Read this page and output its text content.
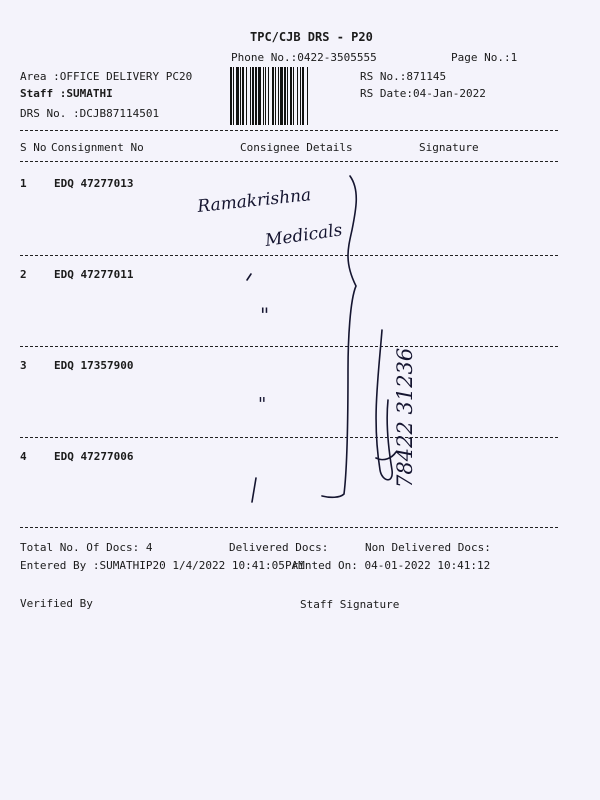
TPC/CJB DRS - P20
Phone No.:0422-3505555	Page No.:1
Area :OFFICE DELIVERY PC20
Staff :SUMATHI
DRS No. :DCJB87114501
RS No.:871145
RS Date:04-Jan-2022
S No Consignment No	Consignee Details	Signature
1 EDQ 47277013
2 EDQ 47277011
3 EDQ 17357900
4 EDQ 47277006
Ramakrishna
Medicals
"
"	78422 31236
Total No. Of Docs: 4	Delivered Docs:	Non Delivered Docs:
Entered By :SUMATHIP20 1/4/2022 10:41:05 AM
Printed On: 04-01-2022 10:41:12
Verified By	Staff Signature
